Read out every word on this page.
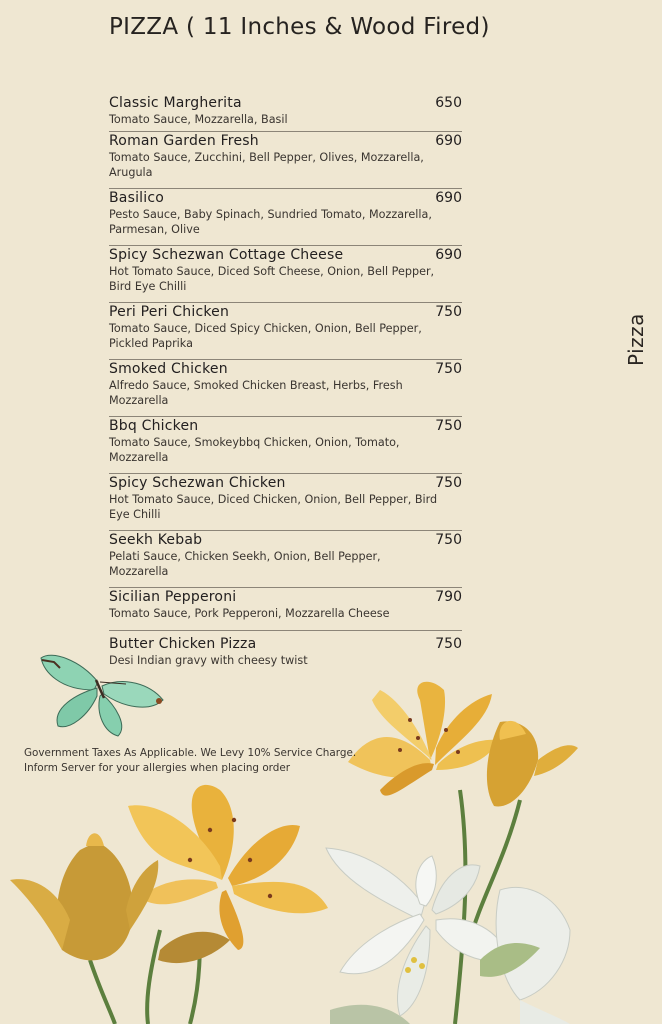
PIZZA ( 11 Inches & Wood Fired)
Classic Margherita	650
Tomato Sauce, Mozzarella, Basil
Roman Garden Fresh	690
Tomato Sauce, Zucchini, Bell Pepper, Olives, Mozzarella, Arugula
Basilico	690
Pesto Sauce, Baby Spinach, Sundried Tomato, Mozzarella, Parmesan, Olive
Spicy Schezwan Cottage Cheese	690
Hot Tomato Sauce, Diced Soft Cheese, Onion, Bell Pepper, Bird Eye Chilli
Peri Peri Chicken	750
Tomato Sauce, Diced Spicy Chicken, Onion, Bell Pepper, Pickled Paprika
Smoked Chicken	750
Alfredo Sauce, Smoked Chicken Breast, Herbs, Fresh Mozzarella
Bbq Chicken	750
Tomato Sauce, Smokeybbq Chicken, Onion, Tomato, Mozzarella
Spicy Schezwan Chicken	750
Hot Tomato Sauce, Diced Chicken, Onion, Bell Pepper, Bird Eye Chilli
Seekh Kebab	750
Pelati Sauce, Chicken Seekh, Onion, Bell Pepper, Mozzarella
Sicilian Pepperoni	790
Tomato Sauce, Pork Pepperoni, Mozzarella Cheese
Butter Chicken Pizza	750
Desi Indian gravy with cheesy twist
Pizza
Government Taxes As Applicable. We Levy 10% Service Charge.
Inform Server for your allergies when placing order
